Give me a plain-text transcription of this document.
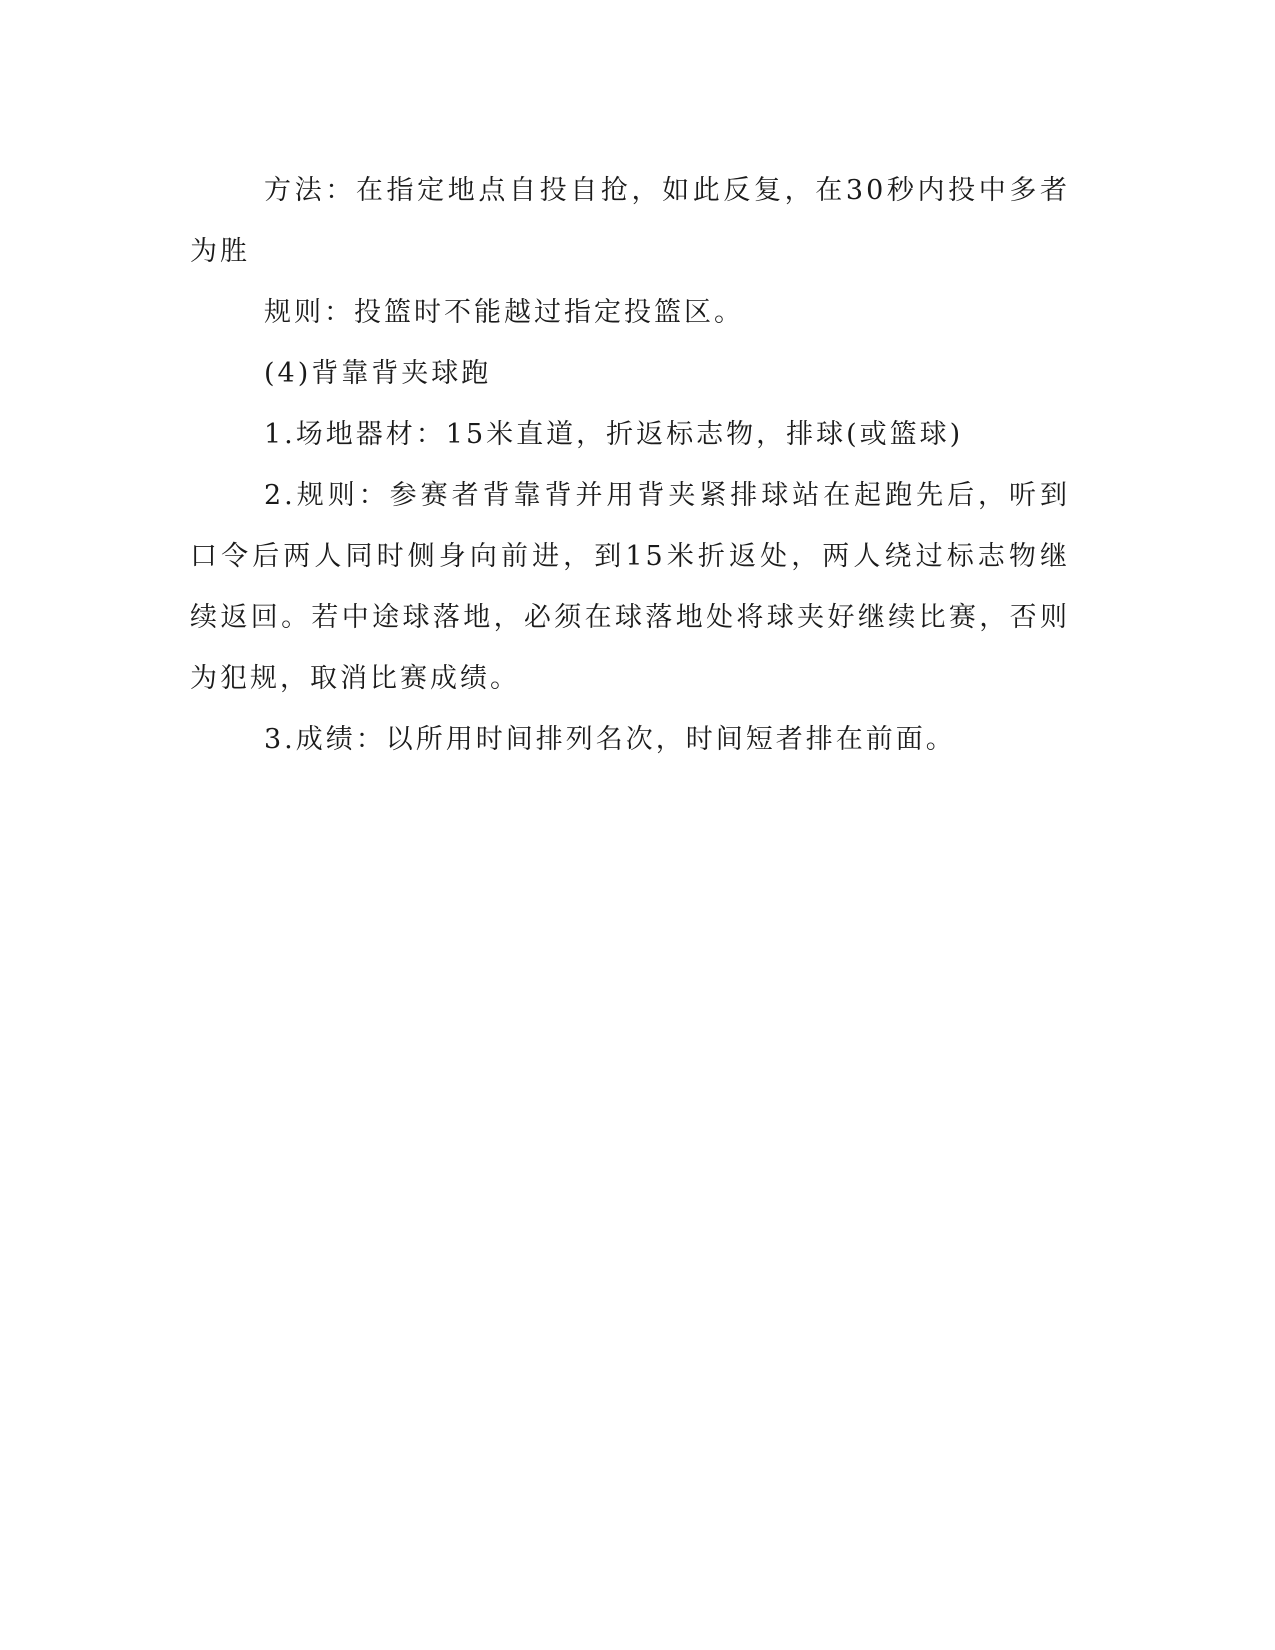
方法：在指定地点自投自抢，如此反复，在30秒内投中多者为胜

规则：投篮时不能越过指定投篮区。

(4)背靠背夹球跑

1.场地器材：15米直道，折返标志物，排球(或篮球)

2.规则：参赛者背靠背并用背夹紧排球站在起跑先后，听到口令后两人同时侧身向前进，到15米折返处，两人绕过标志物继续返回。若中途球落地，必须在球落地处将球夹好继续比赛，否则为犯规，取消比赛成绩。

3.成绩：以所用时间排列名次，时间短者排在前面。
